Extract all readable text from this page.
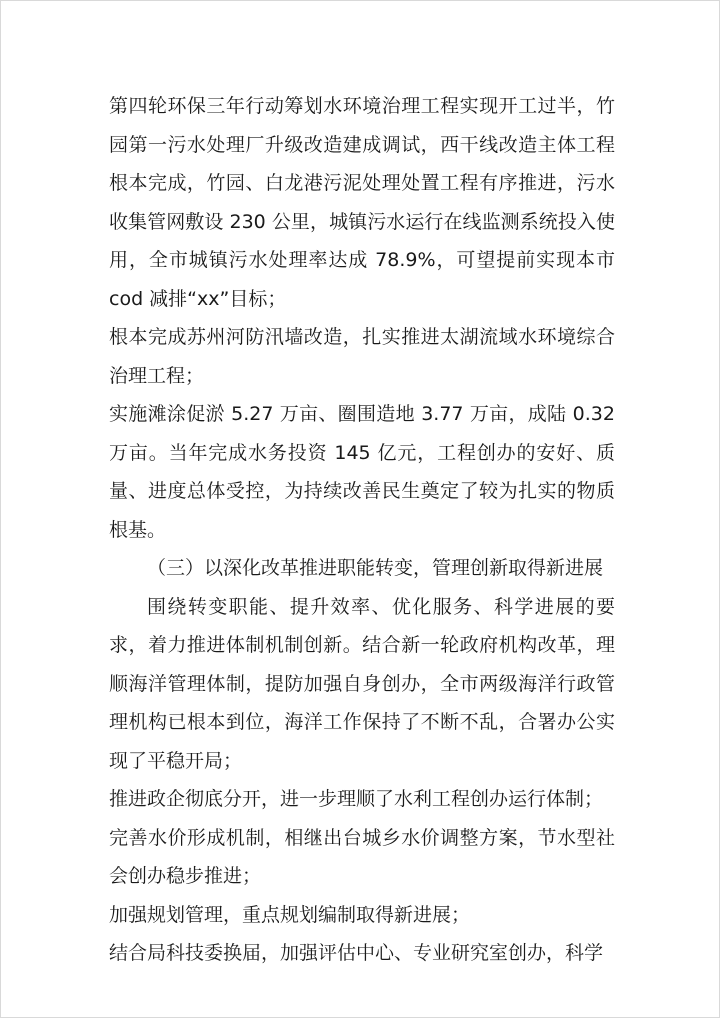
第四轮环保三年行动筹划水环境治理工程实现开工过半，竹园第一污水处理厂升级改造建成调试，西干线改造主体工程根本完成，竹园、白龙港污泥处理处置工程有序推进，污水收集管网敷设 230 公里，城镇污水运行在线监测系统投入使用，全市城镇污水处理率达成 78.9%，可望提前实现本市 cod 减排“xx”目标；

根本完成苏州河防汛墙改造，扎实推进太湖流域水环境综合治理工程；

实施滩涂促淤 5.27 万亩、圈围造地 3.77 万亩，成陆 0.32 万亩。当年完成水务投资 145 亿元，工程创办的安好、质量、进度总体受控，为持续改善民生奠定了较为扎实的物质根基。

（三）以深化改革推进职能转变，管理创新取得新进展

围绕转变职能、提升效率、优化服务、科学进展的要求，着力推进体制机制创新。结合新一轮政府机构改革，理顺海洋管理体制，提防加强自身创办，全市两级海洋行政管理机构已根本到位，海洋工作保持了不断不乱，合署办公实现了平稳开局；

推进政企彻底分开，进一步理顺了水利工程创办运行体制；

完善水价形成机制，相继出台城乡水价调整方案，节水型社会创办稳步推进；

加强规划管理，重点规划编制取得新进展；

结合局科技委换届，加强评估中心、专业研究室创办，科学
